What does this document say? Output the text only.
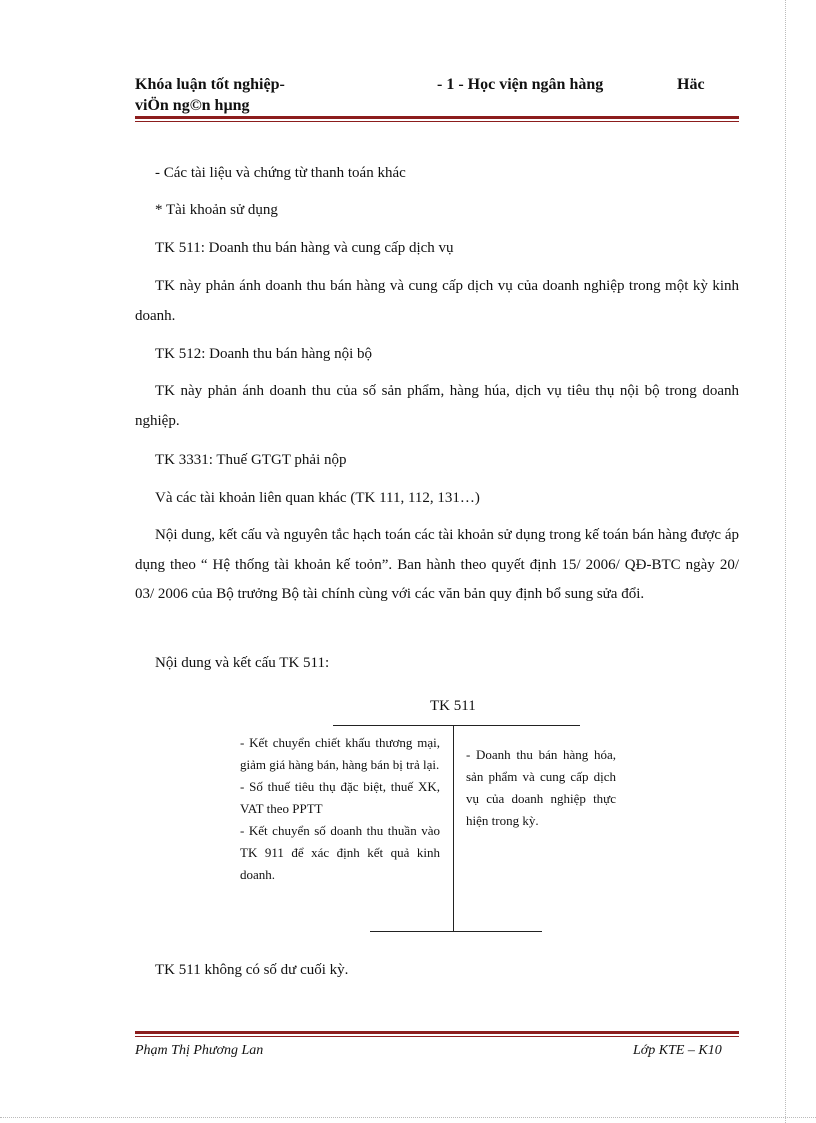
Khóa luận tốt nghiệp-
viÖn ng©n hµng
- 1 - Học viện ngân hàng	Häc

- Các tài liệu và chứng từ thanh toán khác

* Tài khoản sử dụng

TK 511: Doanh thu bán hàng và cung cấp dịch vụ

TK này phản ánh doanh thu bán hàng và cung cấp dịch vụ của doanh nghiệp trong một kỳ kinh doanh.

TK 512: Doanh thu bán hàng nội bộ

TK này phản ánh doanh thu của số sản phẩm, hàng húa, dịch vụ tiêu thụ nội bộ trong doanh nghiệp.

TK 3331: Thuế GTGT phải nộp

Và các tài khoản liên quan khác (TK 111, 112, 131…)

Nội dung, kết cấu và nguyên tắc hạch toán các tài khoản sử dụng trong kế toán bán hàng được áp dụng theo “ Hệ thống tài khoản kế toỏn”. Ban hành theo quyết định 15/ 2006/ QĐ-BTC ngày 20/ 03/ 2006 của Bộ trưởng Bộ tài chính cùng với các văn bản quy định bổ sung sửa đổi.

Nội dung và kết cấu TK 511:

TK 511
- Kết chuyển chiết khấu thương mại, giảm giá hàng bán, hàng bán bị trả lại.
- Số thuế tiêu thụ đặc biệt, thuế XK, VAT theo PPTT
- Kết chuyển số doanh thu thuần vào TK 911 để xác định kết quả kinh doanh.
- Doanh thu bán hàng hóa, sản phẩm và cung cấp dịch vụ của doanh nghiệp thực hiện trong kỳ.

TK 511 không có số dư cuối kỳ.

Phạm Thị Phương Lan	Lớp KTE – K10
